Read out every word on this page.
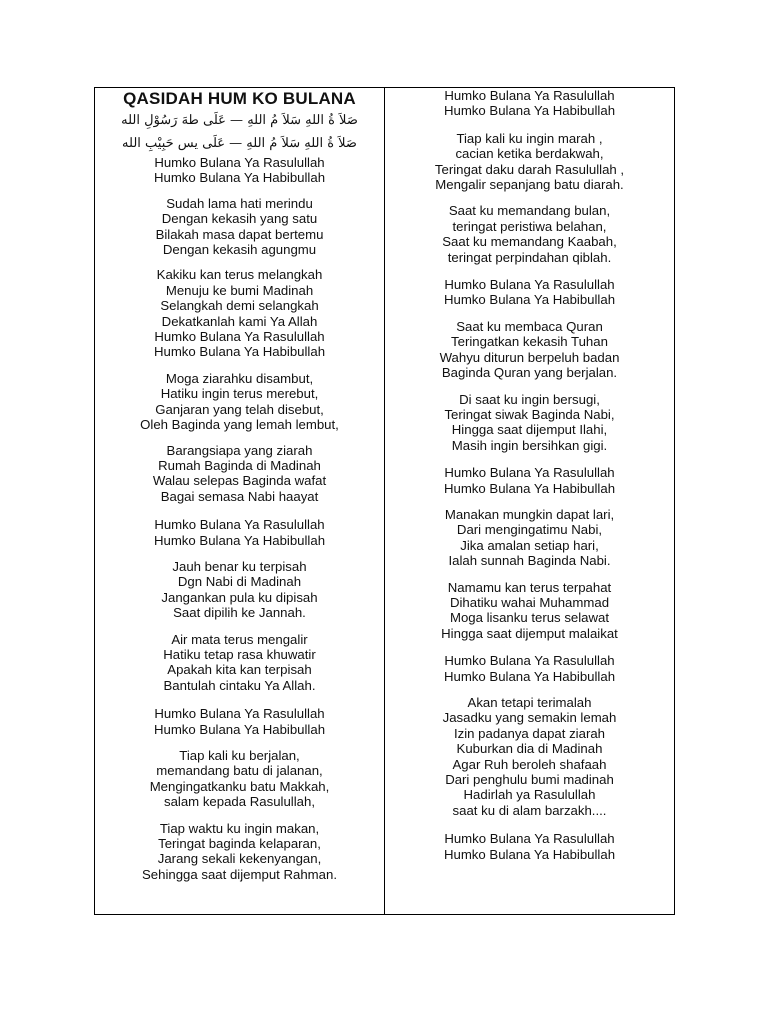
QASIDAH HUM KO BULANA
صَلاَ ةُ اللهِ سَلاَ مُ اللهِ — عَلَى طهَ رَسُوْلِ الله
صَلاَ ةُ اللهِ سَلاَ مُ اللهِ — عَلَى يس حَبِيْبِ الله
Humko Bulana Ya Rasulullah
Humko Bulana Ya Habibullah
Sudah lama hati merindu
Dengan kekasih yang satu
Bilakah masa dapat bertemu
Dengan kekasih agungmu
Kakiku kan terus melangkah
Menuju ke bumi Madinah
Selangkah demi selangkah
Dekatkanlah kami Ya Allah
Humko Bulana Ya Rasulullah
Humko Bulana Ya Habibullah
Moga ziarahku disambut,
Hatiku ingin terus merebut,
Ganjaran yang telah disebut,
Oleh Baginda yang lemah lembut,
Barangsiapa yang ziarah
Rumah Baginda di Madinah
Walau selepas Baginda wafat
Bagai semasa Nabi haayat
Humko Bulana Ya Rasulullah
Humko Bulana Ya Habibullah
Jauh benar ku terpisah
Dgn Nabi di Madinah
Jangankan pula ku dipisah
Saat dipilih ke Jannah.
Air mata terus mengalir
Hatiku tetap rasa khuwatir
Apakah kita kan terpisah
Bantulah cintaku Ya Allah.
Humko Bulana Ya Rasulullah
Humko Bulana Ya Habibullah
Tiap kali ku berjalan,
memandang batu di jalanan,
Mengingatkanku batu Makkah,
salam kepada Rasulullah,
Tiap waktu ku ingin makan,
Teringat baginda kelaparan,
Jarang sekali kekenyangan,
Sehingga saat dijemput Rahman.
Humko Bulana Ya Rasulullah
Humko Bulana Ya Habibullah
Tiap kali ku ingin marah ,
cacian ketika berdakwah,
Teringat daku darah Rasulullah ,
Mengalir sepanjang batu diarah.
Saat ku memandang bulan,
teringat peristiwa belahan,
Saat ku memandang Kaabah,
teringat perpindahan qiblah.
Humko Bulana Ya Rasulullah
Humko Bulana Ya Habibullah
Saat ku membaca Quran
Teringatkan kekasih Tuhan
Wahyu diturun berpeluh badan
Baginda Quran yang berjalan.
Di saat ku ingin bersugi,
Teringat siwak Baginda Nabi,
Hingga saat dijemput Ilahi,
Masih ingin bersihkan gigi.
Humko Bulana Ya Rasulullah
Humko Bulana Ya Habibullah
Manakan mungkin dapat lari,
Dari mengingatimu Nabi,
Jika amalan setiap hari,
Ialah sunnah Baginda Nabi.
Namamu kan terus terpahat
Dihatiku wahai Muhammad
Moga lisanku terus selawat
Hingga saat dijemput malaikat
Humko Bulana Ya Rasulullah
Humko Bulana Ya Habibullah
Akan tetapi terimalah
Jasadku yang semakin lemah
Izin padanya dapat ziarah
Kuburkan dia di Madinah
Agar Ruh beroleh shafaah
Dari penghulu bumi madinah
Hadirlah ya Rasulullah
saat ku di alam barzakh....
Humko Bulana Ya Rasulullah
Humko Bulana Ya Habibullah
